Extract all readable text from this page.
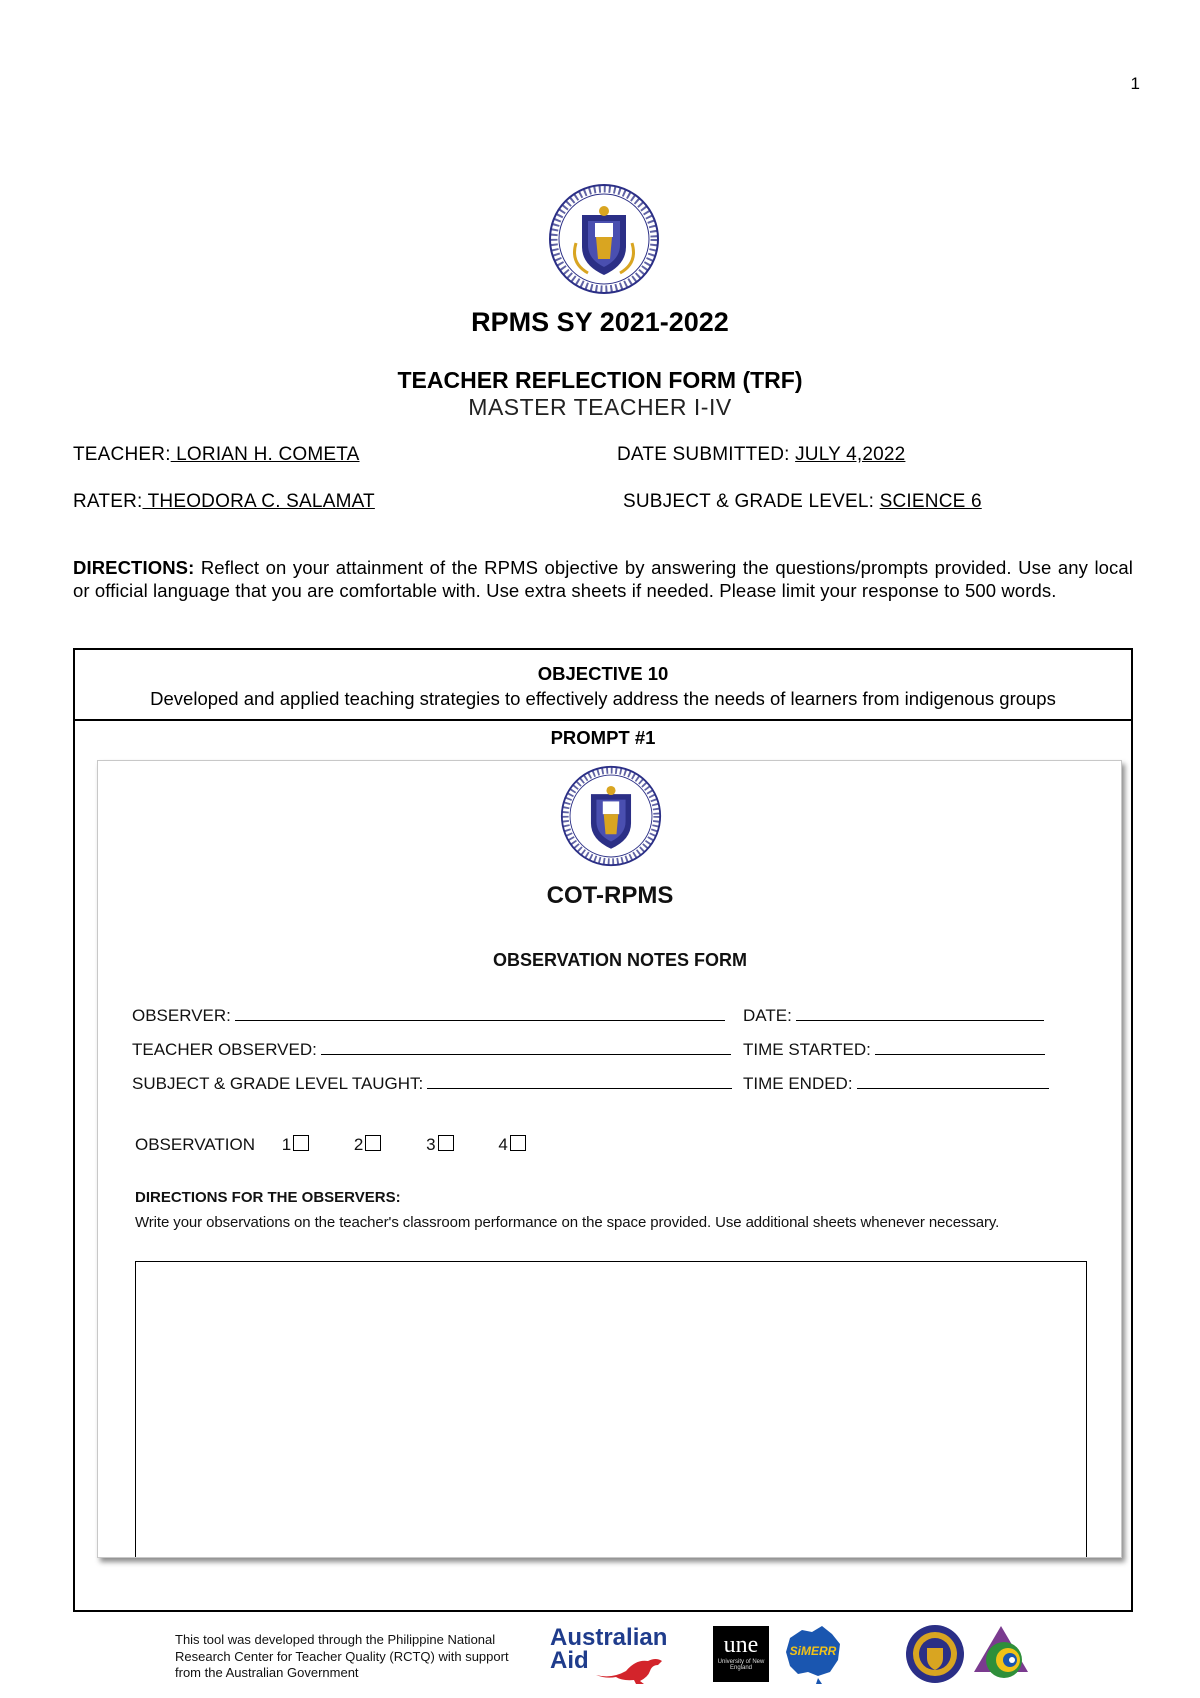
1
RPMS SY 2021-2022
TEACHER REFLECTION FORM (TRF)
MASTER TEACHER I-IV
TEACHER: LORIAN H. COMETA	DATE SUBMITTED: JULY 4,2022
RATER: THEODORA C. SALAMAT	SUBJECT & GRADE LEVEL: SCIENCE 6
DIRECTIONS: Reflect on your attainment of the RPMS objective by answering the questions/prompts provided. Use any local or official language that you are comfortable with. Use extra sheets if needed. Please limit your response to 500 words.
OBJECTIVE 10
Developed and applied teaching strategies to effectively address the needs of learners from indigenous groups
PROMPT #1
COT-RPMS
OBSERVATION NOTES FORM
OBSERVER:	DATE:
TEACHER OBSERVED:	TIME STARTED:
SUBJECT & GRADE LEVEL TAUGHT:	TIME ENDED:
OBSERVATION 1	2	3	4
DIRECTIONS FOR THE OBSERVERS:
Write your observations on the teacher's classroom performance on the space provided. Use additional sheets whenever necessary.
This tool was developed through the Philippine National Research Center for Teacher Quality (RCTQ) with support from the Australian Government
Australian
Aid
une
University of New England
SiMERR
